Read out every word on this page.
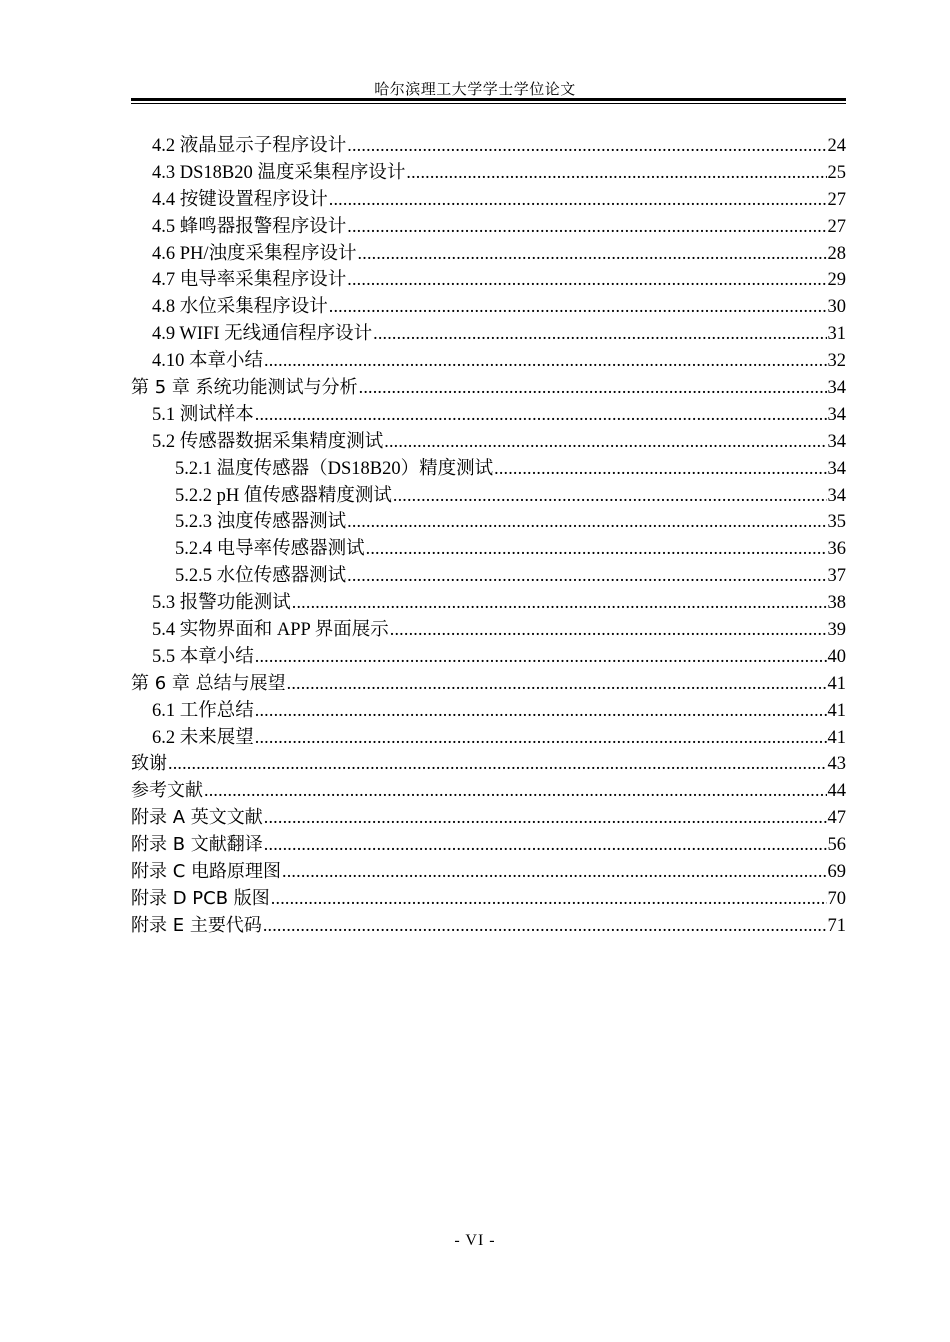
哈尔滨理工大学学士学位论文
4.2 液晶显示子程序设计 .....	24
4.3 DS18B20 温度采集程序设计 .....	25
4.4 按键设置程序设计 .....	27
4.5 蜂鸣器报警程序设计 .....	27
4.6 PH/浊度采集程序设计 .....	28
4.7 电导率采集程序设计 .....	29
4.8 水位采集程序设计 .....	30
4.9 WIFI 无线通信程序设计 .....	31
4.10 本章小结 .....	32
第 5 章 系统功能测试与分析 .....	34
5.1 测试样本 .....	34
5.2 传感器数据采集精度测试 .....	34
5.2.1 温度传感器（DS18B20）精度测试 .....	34
5.2.2 pH 值传感器精度测试 .....	34
5.2.3 浊度传感器测试 .....	35
5.2.4 电导率传感器测试 .....	36
5.2.5 水位传感器测试 .....	37
5.3 报警功能测试 .....	38
5.4 实物界面和 APP 界面展示 .....	39
5.5 本章小结 .....	40
第 6 章 总结与展望 .....	41
6.1 工作总结 .....	41
6.2 未来展望 .....	41
致谢 .....	43
参考文献 .....	44
附录 A 英文文献 .....	47
附录 B 文献翻译 .....	56
附录 C 电路原理图 .....	69
附录 D PCB 版图 .....	70
附录 E 主要代码 .....	71
- VI -
